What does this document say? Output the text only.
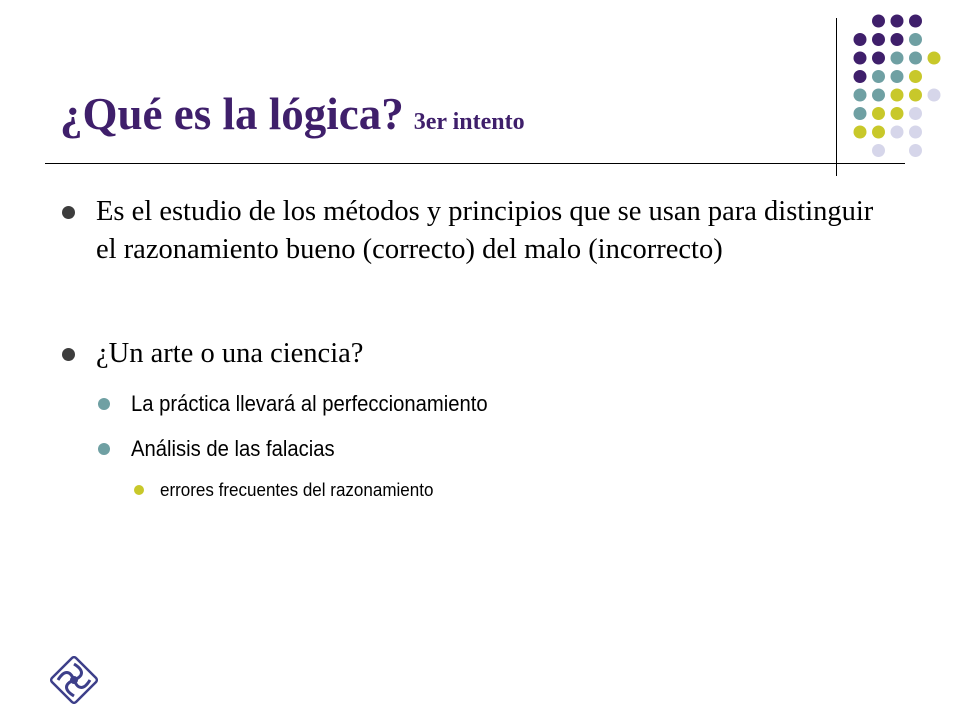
¿Qué es la lógica? 3er intento
Es el estudio de los métodos y principios que se usan para distinguir el razonamiento bueno (correcto) del malo (incorrecto)
¿Un arte o una ciencia?
La práctica llevará al perfeccionamiento
Análisis de las falacias
errores frecuentes del razonamiento
